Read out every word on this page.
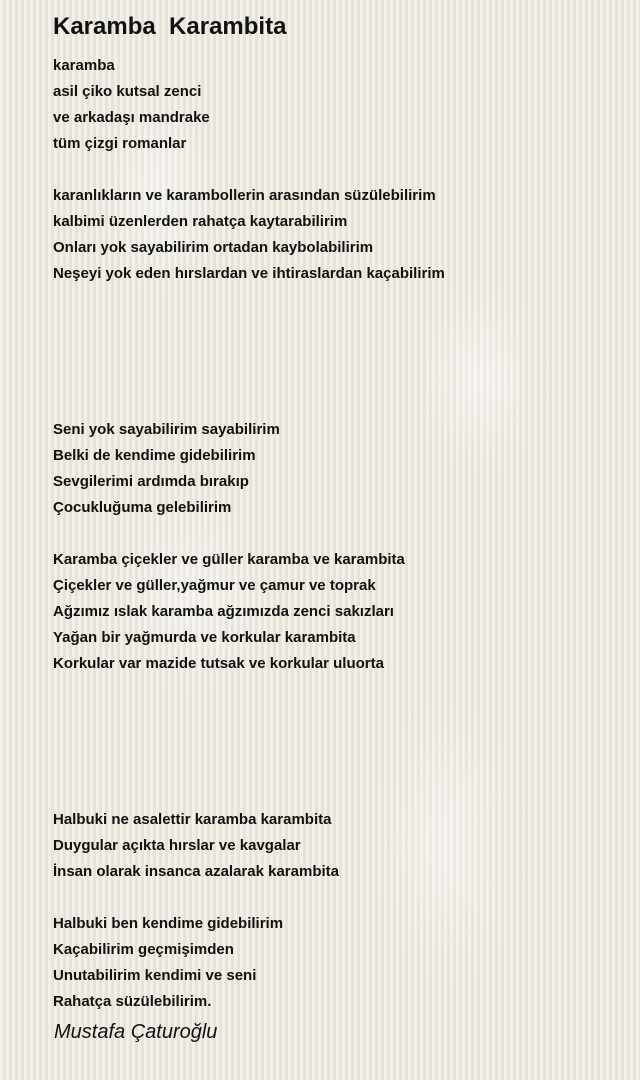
Karamba  Karambita
karamba
asil çiko kutsal zenci
ve arkadaşı mandrake
tüm çizgi romanlar
karanlıkların ve karambollerin arasından süzülebilirim
kalbimi üzenlerden rahatça kaytarabilirim
Onları yok sayabilirim ortadan kaybolabilirim
Neşeyi yok eden hırslardan ve ihtiraslardan kaçabilirim
Seni yok sayabilirim sayabilirim
Belki de kendime gidebilirim
Sevgilerimi ardımda bırakıp
Çocukluğuma gelebilirim
Karamba çiçekler ve güller karamba ve karambita
Çiçekler ve güller,yağmur ve çamur ve toprak
Ağzımız ıslak karamba ağzımızda zenci sakızları
Yağan bir yağmurda ve korkular karambita
Korkular var mazide tutsak ve korkular uluorta
Halbuki ne asalettir karamba karambita
Duygular açıkta hırslar ve kavgalar
İnsan olarak insanca azalarak karambita
Halbuki ben kendime gidebilirim
Kaçabilirim geçmişimden
Unutabilirim kendimi ve seni
Rahatça süzülebilirim.
Mustafa Çaturoğlu
